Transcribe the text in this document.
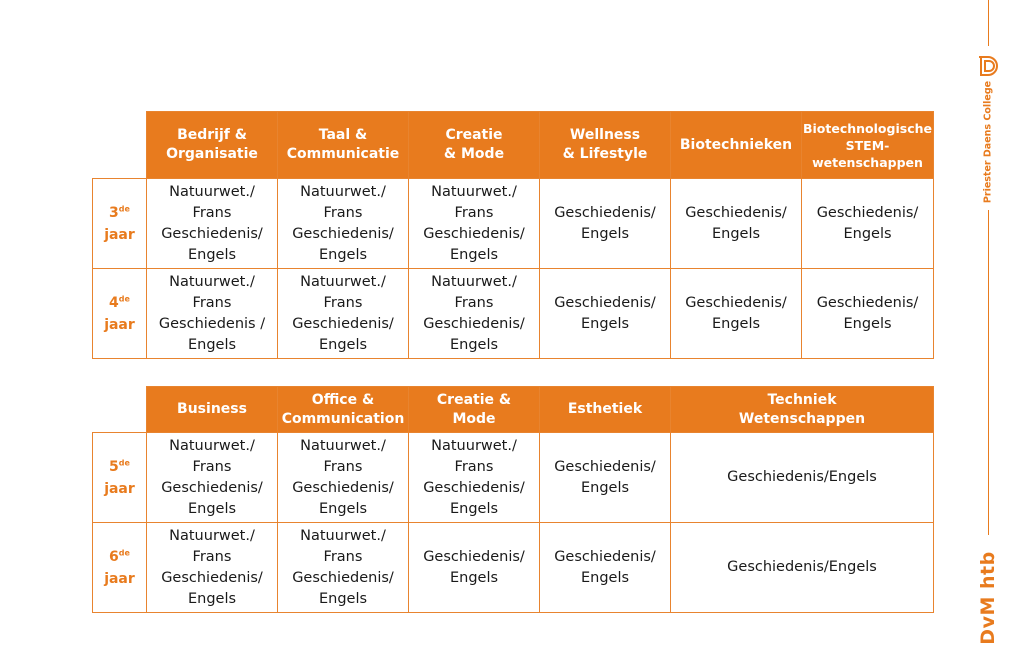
	Bedrijf &
Organisatie	Taal &
Communicatie	Creatie
& Mode	Wellness
& Lifestyle	Biotechnieken	Biotechnologische
STEM-
wetenschappen
3de
jaar	Natuurwet./
Frans
Geschiedenis/
Engels	Natuurwet./
Frans
Geschiedenis/
Engels	Natuurwet./
Frans
Geschiedenis/
Engels	Geschiedenis/
Engels	Geschiedenis/
Engels	Geschiedenis/
Engels
4de
jaar	Natuurwet./
Frans
Geschiedenis /
Engels	Natuurwet./
Frans
Geschiedenis/
Engels	Natuurwet./
Frans
Geschiedenis/
Engels	Geschiedenis/
Engels	Geschiedenis/
Engels	Geschiedenis/
Engels
	Business	Office &
Communication	Creatie &
Mode	Esthetiek	Techniek
Wetenschappen
5de
jaar	Natuurwet./
Frans
Geschiedenis/
Engels	Natuurwet./
Frans
Geschiedenis/
Engels	Natuurwet./
Frans
Geschiedenis/
Engels	Geschiedenis/
Engels	Geschiedenis/Engels
6de
jaar	Natuurwet./
Frans
Geschiedenis/
Engels	Natuurwet./
Frans
Geschiedenis/
Engels	Geschiedenis/
Engels	Geschiedenis/
Engels	Geschiedenis/Engels
Priester Daens College
DvM htb
